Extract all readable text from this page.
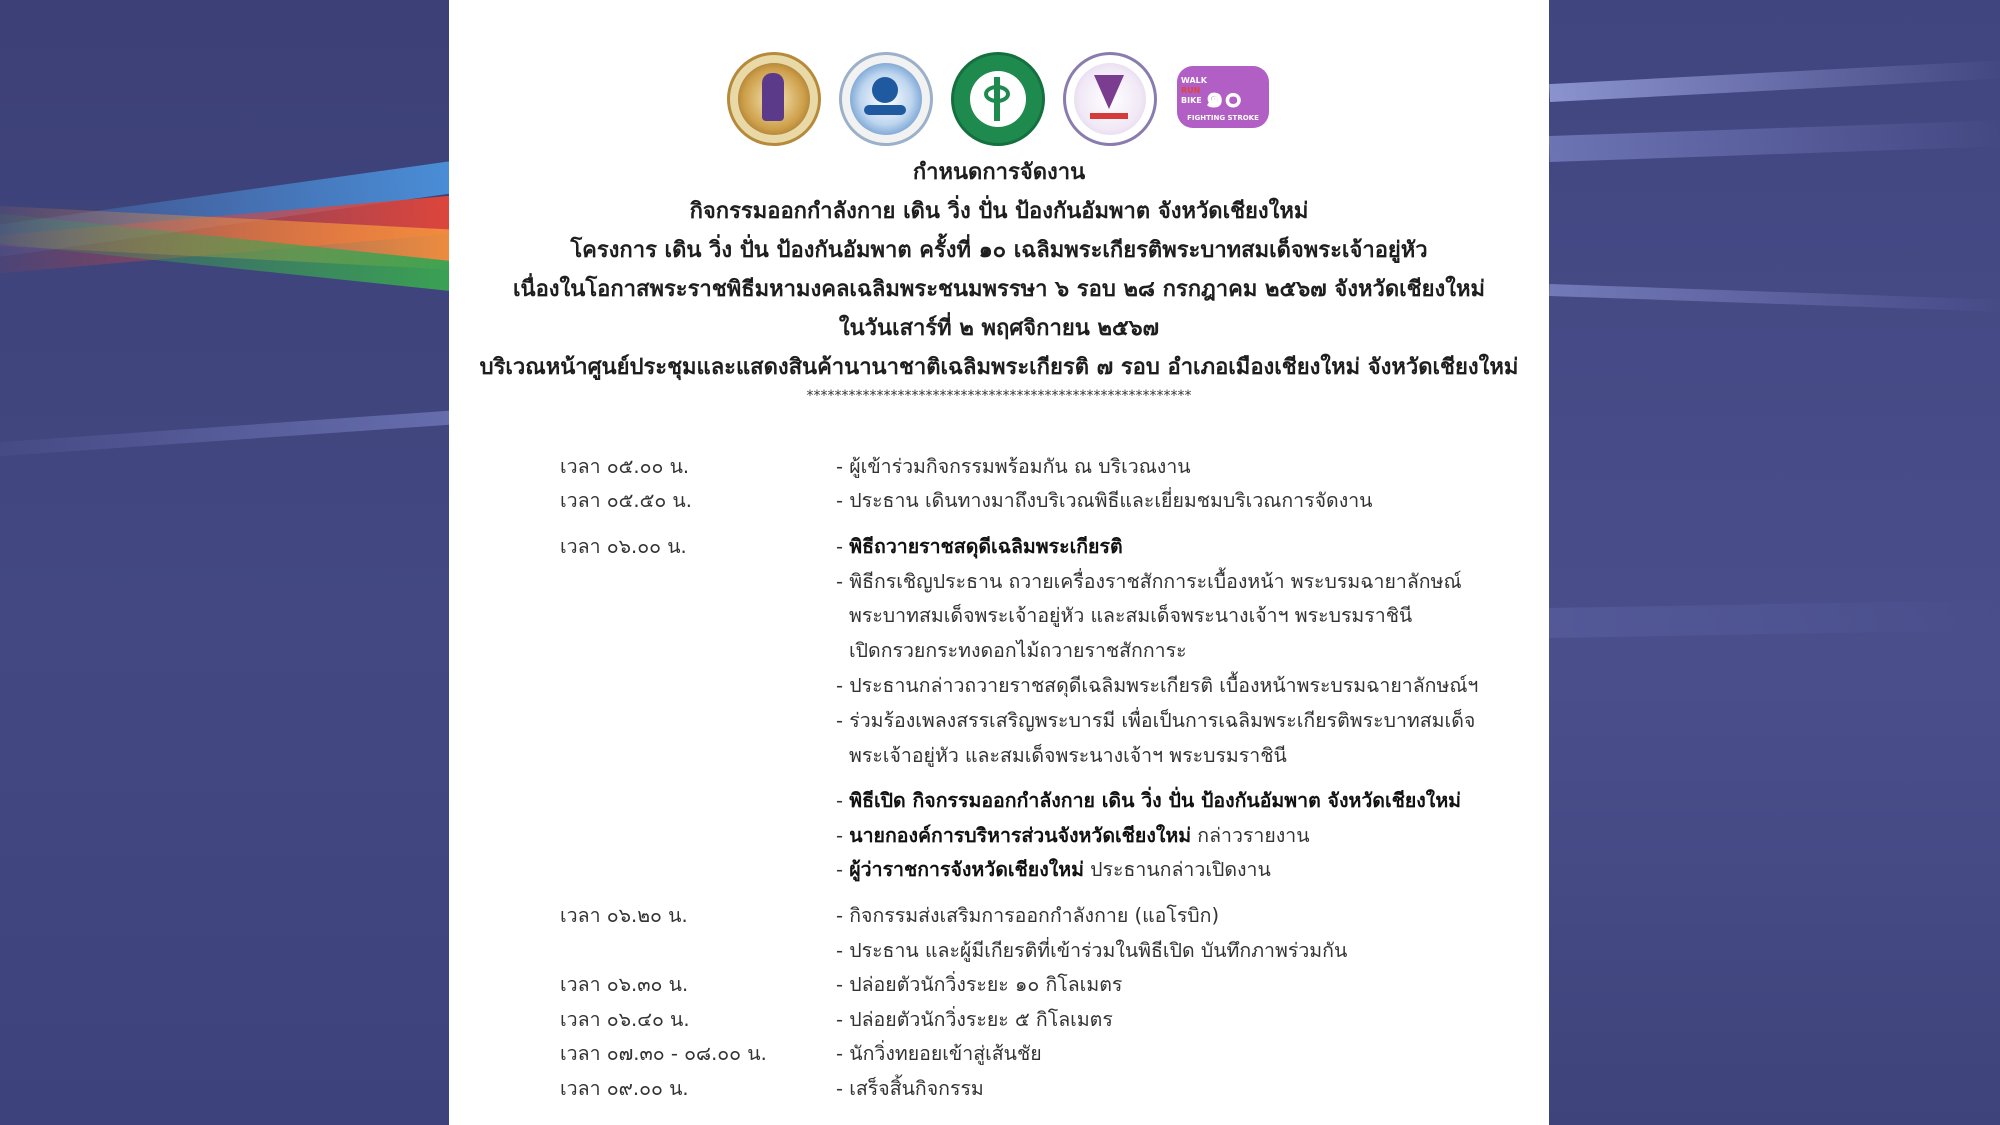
WALK
RUN
BIKE ๑๐
FIGHTING STROKE
กำหนดการจัดงาน
กิจกรรมออกกำลังกาย เดิน วิ่ง ปั่น ป้องกันอัมพาต จังหวัดเชียงใหม่
โครงการ เดิน วิ่ง ปั่น ป้องกันอัมพาต ครั้งที่ ๑๐ เฉลิมพระเกียรติพระบาทสมเด็จพระเจ้าอยู่หัว
เนื่องในโอกาสพระราชพิธีมหามงคลเฉลิมพระชนมพรรษา ๖ รอบ ๒๘ กรกฎาคม ๒๕๖๗ จังหวัดเชียงใหม่
ในวันเสาร์ที่ ๒ พฤศจิกายน ๒๕๖๗
บริเวณหน้าศูนย์ประชุมและแสดงสินค้านานาชาติเฉลิมพระเกียรติ ๗ รอบ อำเภอเมืองเชียงใหม่ จังหวัดเชียงใหม่
*******************************************************
เวลา ๐๕.๐๐ น.	- ผู้เข้าร่วมกิจกรรมพร้อมกัน ณ บริเวณงาน
เวลา ๐๕.๕๐ น.	- ประธาน เดินทางมาถึงบริเวณพิธีและเยี่ยมชมบริเวณการจัดงาน
เวลา ๐๖.๐๐ น.	- พิธีถวายราชสดุดีเฉลิมพระเกียรติ
- พิธีกรเชิญประธาน ถวายเครื่องราชสักการะเบื้องหน้า พระบรมฉายาลักษณ์
พระบาทสมเด็จพระเจ้าอยู่หัว และสมเด็จพระนางเจ้าฯ พระบรมราชินี
เปิดกรวยกระทงดอกไม้ถวายราชสักการะ
- ประธานกล่าวถวายราชสดุดีเฉลิมพระเกียรติ เบื้องหน้าพระบรมฉายาลักษณ์ฯ
- ร่วมร้องเพลงสรรเสริญพระบารมี เพื่อเป็นการเฉลิมพระเกียรติพระบาทสมเด็จ
พระเจ้าอยู่หัว และสมเด็จพระนางเจ้าฯ พระบรมราชินี
- พิธีเปิด กิจกรรมออกกำลังกาย เดิน วิ่ง ปั่น ป้องกันอัมพาต จังหวัดเชียงใหม่
- นายกองค์การบริหารส่วนจังหวัดเชียงใหม่ กล่าวรายงาน
- ผู้ว่าราชการจังหวัดเชียงใหม่ ประธานกล่าวเปิดงาน
เวลา ๐๖.๒๐ น.	- กิจกรรมส่งเสริมการออกกำลังกาย (แอโรบิก)
- ประธาน และผู้มีเกียรติที่เข้าร่วมในพิธีเปิด บันทึกภาพร่วมกัน
เวลา ๐๖.๓๐ น.	- ปล่อยตัวนักวิ่งระยะ ๑๐ กิโลเมตร
เวลา ๐๖.๔๐ น.	- ปล่อยตัวนักวิ่งระยะ ๕ กิโลเมตร
เวลา ๐๗.๓๐ - ๐๘.๐๐ น.	- นักวิ่งทยอยเข้าสู่เส้นชัย
เวลา ๐๙.๐๐ น.	- เสร็จสิ้นกิจกรรม
